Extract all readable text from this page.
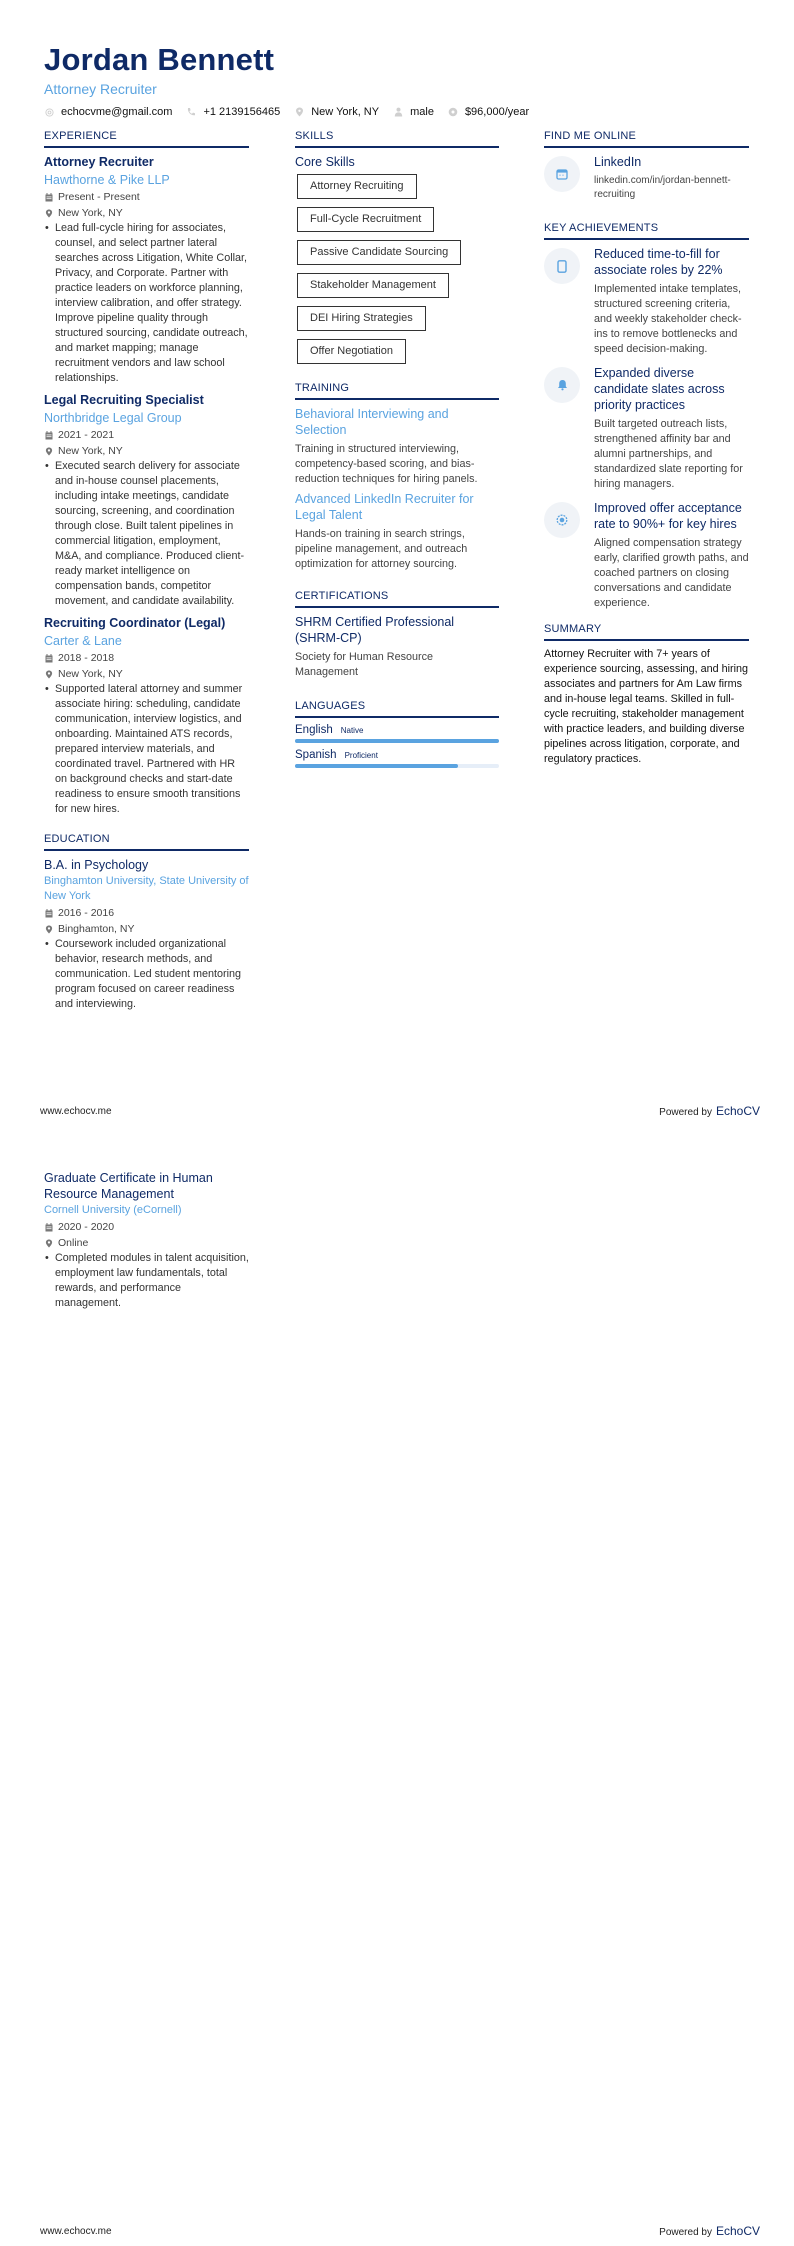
Jordan Bennett
Attorney Recruiter
echocvme@gmail.com	+1 2139156465	New York, NY	male	$96,000/year
EXPERIENCE
Attorney Recruiter
Hawthorne & Pike LLP
Present - Present
New York, NY
• Lead full-cycle hiring for associates, counsel, and select partner lateral searches across Litigation, White Collar, Privacy, and Corporate. Partner with practice leaders on workforce planning, interview calibration, and offer strategy. Improve pipeline quality through structured sourcing, candidate outreach, and market mapping; manage recruitment vendors and law school relationships.
Legal Recruiting Specialist
Northbridge Legal Group
2021 - 2021
New York, NY
• Executed search delivery for associate and in-house counsel placements, including intake meetings, candidate sourcing, screening, and coordination through close. Built talent pipelines in commercial litigation, employment, M&A, and compliance. Produced client-ready market intelligence on compensation bands, competitor movement, and candidate availability.
Recruiting Coordinator (Legal)
Carter & Lane
2018 - 2018
New York, NY
• Supported lateral attorney and summer associate hiring: scheduling, candidate communication, interview logistics, and onboarding. Maintained ATS records, prepared interview materials, and coordinated travel. Partnered with HR on background checks and start-date readiness to ensure smooth transitions for new hires.
EDUCATION
B.A. in Psychology
Binghamton University, State University of New York
2016 - 2016
Binghamton, NY
• Coursework included organizational behavior, research methods, and communication. Led student mentoring program focused on career readiness and interviewing.
SKILLS
Core Skills
Attorney Recruiting
Full-Cycle Recruitment
Passive Candidate Sourcing
Stakeholder Management
DEI Hiring Strategies
Offer Negotiation
TRAINING
Behavioral Interviewing and Selection
Training in structured interviewing, competency-based scoring, and bias-reduction techniques for hiring panels.
Advanced LinkedIn Recruiter for Legal Talent
Hands-on training in search strings, pipeline management, and outreach optimization for attorney sourcing.
CERTIFICATIONS
SHRM Certified Professional (SHRM-CP)
Society for Human Resource Management
LANGUAGES
English Native
Spanish Proficient
FIND ME ONLINE
LinkedIn
linkedin.com/in/jordan-bennett-recruiting
KEY ACHIEVEMENTS
Reduced time-to-fill for associate roles by 22%
Implemented intake templates, structured screening criteria, and weekly stakeholder check-ins to remove bottlenecks and speed decision-making.
Expanded diverse candidate slates across priority practices
Built targeted outreach lists, strengthened affinity bar and alumni partnerships, and standardized slate reporting for hiring managers.
Improved offer acceptance rate to 90%+ for key hires
Aligned compensation strategy early, clarified growth paths, and coached partners on closing conversations and candidate experience.
SUMMARY
Attorney Recruiter with 7+ years of experience sourcing, assessing, and hiring associates and partners for Am Law firms and in-house legal teams. Skilled in full-cycle recruiting, stakeholder management with practice leaders, and building diverse pipelines across litigation, corporate, and regulatory practices.
www.echocv.me	Powered by EchoCV
Graduate Certificate in Human Resource Management
Cornell University (eCornell)
2020 - 2020
Online
• Completed modules in talent acquisition, employment law fundamentals, total rewards, and performance management.
www.echocv.me	Powered by EchoCV
